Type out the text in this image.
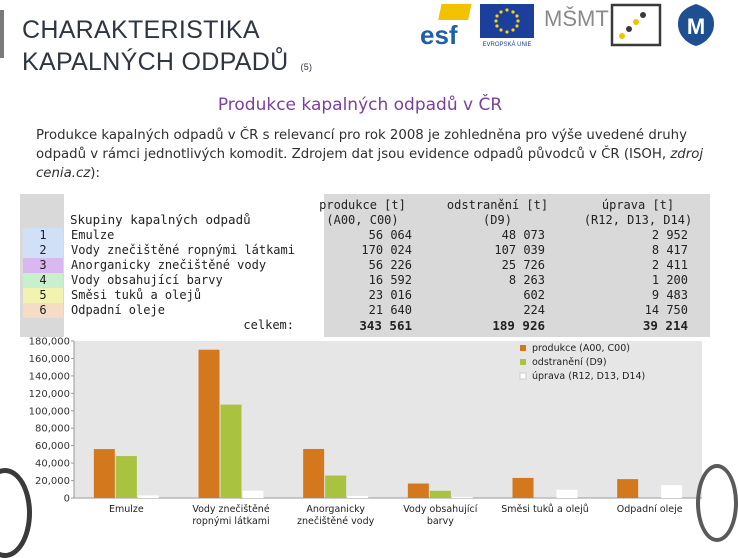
CHARAKTERISTIKA
KAPALNÝCH ODPADŮ (5)
esf	EVROPSKÁ UNIE
MŠMT	M
Produkce kapalných odpadů v ČR
Produkce kapalných odpadů v ČR s relevancí pro rok 2008 je zohledněna pro výše uvedené druhy odpadů v rámci jednotlivých komodit. Zdrojem dat jsou evidence odpadů původců v ČR (ISOH, zdroj cenia.cz):
Skupiny kapalných odpadů
produkce [t]
(A00, C00)
odstranění [t]
(D9)
úprava [t]
(R12, D13, D14)
1	Emulze	56 064	48 073	2 952
2	Vody znečištěné ropnými látkami	170 024	107 039	8 417
3	Anorganicky znečištěné vody	56 226	25 726	2 411
4	Vody obsahující barvy	16 592	8 263	1 200
5	Směsi tuků a olejů	23 016	602	9 483
6	Odpadní oleje	21 640	224	14 750
celkem:	343 561	189 926	39 214
0
20,000
40,000
60,000
80,000
100,000
120,000
140,000
160,000
180,000
Emulze	Vody znečištěné
ropnými látkami
Anorganicky
znečištěné vody
Vody obsahující
barvy
Směsi tuků a olejů	Odpadní oleje
produkce (A00, C00)
odstranění (D9)
úprava (R12, D13, D14)
